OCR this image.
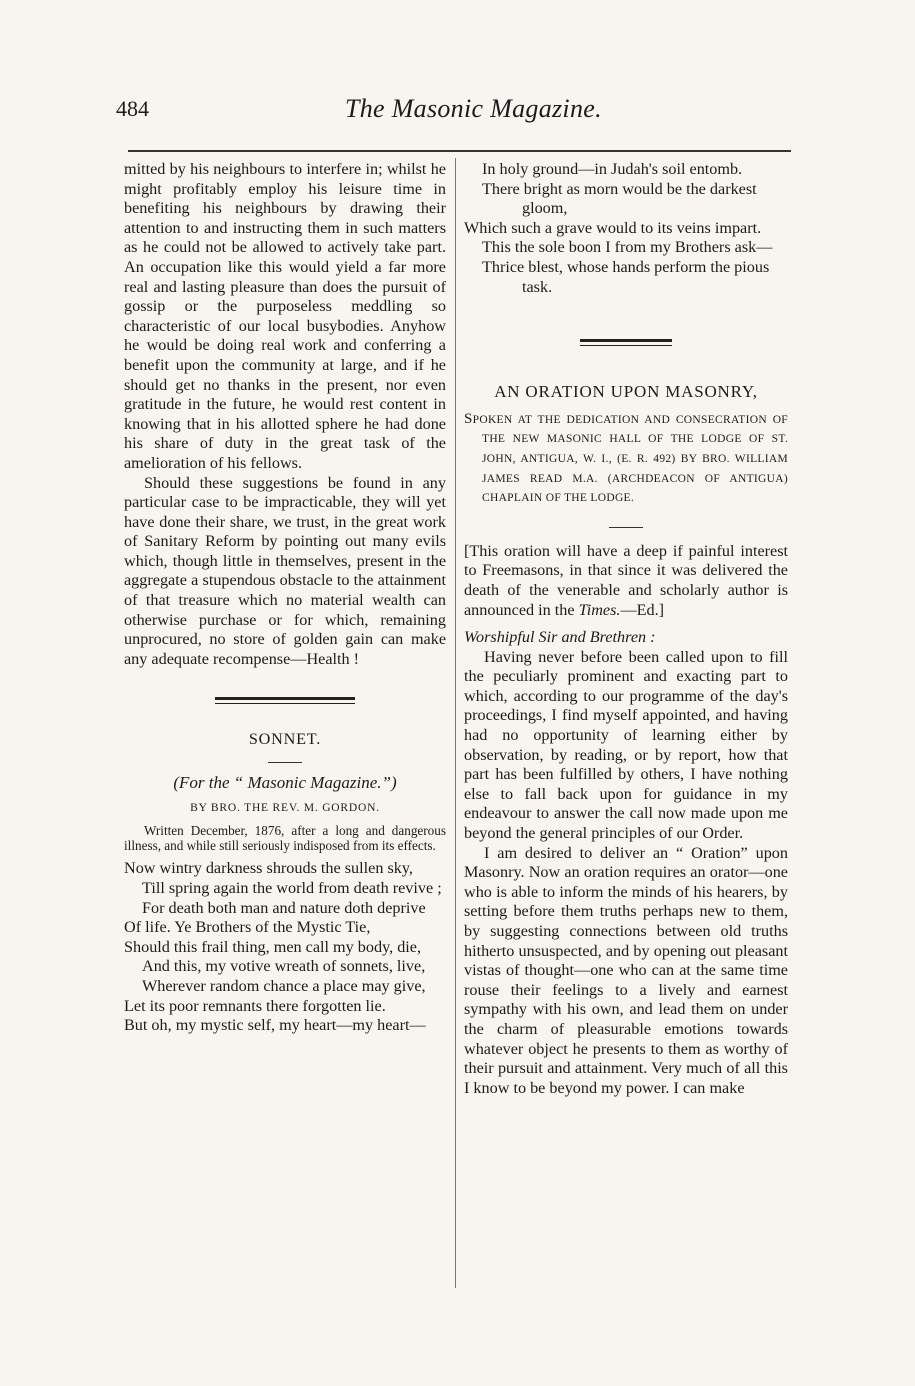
484	The Masonic Magazine.

mitted by his neighbours to interfere in; whilst he might profitably employ his leisure time in benefiting his neighbours by drawing their attention to and instructing them in such matters as he could not be allowed to actively take part. An occupation like this would yield a far more real and lasting pleasure than does the pursuit of gossip or the purposeless meddling so characteristic of our local busybodies. Anyhow he would be doing real work and conferring a benefit upon the community at large, and if he should get no thanks in the present, nor even gratitude in the future, he would rest content in knowing that in his allotted sphere he had done his share of duty in the great task of the amelioration of his fellows.

Should these suggestions be found in any particular case to be impracticable, they will yet have done their share, we trust, in the great work of Sanitary Reform by pointing out many evils which, though little in themselves, present in the aggregate a stupendous obstacle to the attainment of that treasure which no material wealth can otherwise purchase or for which, remaining unprocured, no store of golden gain can make any adequate recompense—Health !

SONNET.
(For the “ Masonic Magazine.”)
BY BRO. THE REV. M. GORDON.

Written December, 1876, after a long and dangerous illness, and while still seriously indisposed from its effects.

Now wintry darkness shrouds the sullen sky,
Till spring again the world from death revive ;
For death both man and nature doth deprive
Of life. Ye Brothers of the Mystic Tie,
Should this frail thing, men call my body, die,
And this, my votive wreath of sonnets, live,
Wherever random chance a place may give,
Let its poor remnants there forgotten lie.
But oh, my mystic self, my heart—my heart—
In holy ground—in Judah's soil entomb.
There bright as morn would be the darkest gloom,
Which such a grave would to its veins impart.
This the sole boon I from my Brothers ask—
Thrice blest, whose hands perform the pious task.
AN ORATION UPON MASONRY,

SPOKEN AT THE DEDICATION AND CONSECRATION OF THE NEW MASONIC HALL OF THE LODGE OF ST. JOHN, ANTIGUA, W. I., (E. R. 492) BY BRO. WILLIAM JAMES READ M.A. (ARCHDEACON OF ANTIGUA) CHAPLAIN OF THE LODGE.

[This oration will have a deep if painful interest to Freemasons, in that since it was delivered the death of the venerable and scholarly author is announced in the Times.—Ed.]

Worshipful Sir and Brethren :

Having never before been called upon to fill the peculiarly prominent and exacting part to which, according to our programme of the day's proceedings, I find myself appointed, and having had no opportunity of learning either by observation, by reading, or by report, how that part has been fulfilled by others, I have nothing else to fall back upon for guidance in my endeavour to answer the call now made upon me beyond the general principles of our Order.

I am desired to deliver an “ Oration” upon Masonry. Now an oration requires an orator—one who is able to inform the minds of his hearers, by setting before them truths perhaps new to them, by suggesting connections between old truths hitherto unsuspected, and by opening out pleasant vistas of thought—one who can at the same time rouse their feelings to a lively and earnest sympathy with his own, and lead them on under the charm of pleasurable emotions towards whatever object he presents to them as worthy of their pursuit and attainment. Very much of all this I know to be beyond my power. I can make
